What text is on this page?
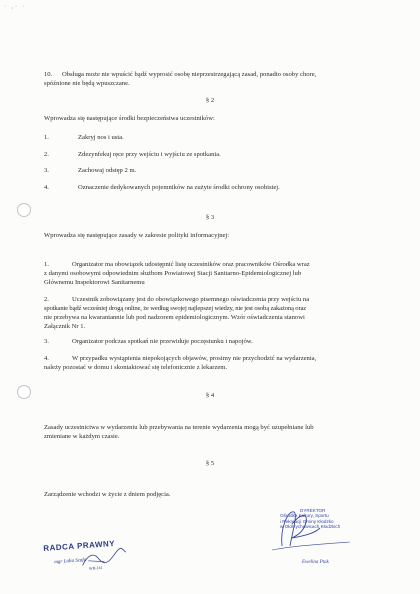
· ,· ·
10. Obsługa może nie wpuścić bądź wyprosić osobę nieprzestrzegającą zasad, ponadto osoby chore,
spóźnione nie będą wpuszczane.
§ 2
Wprowadza się następujące środki bezpieczeństwa uczestników:
1.	Zakryj nos i usta.
2.	Zdezynfekuj ręce przy wejściu i wyjściu ze spotkania.
3.	Zachowaj odstęp 2 m.
4.	Oznaczenie dedykowanych pojemników na zużyte środki ochrony osobistej.
§ 3
Wprowadza się następujące zasady w zakresie polityki informacyjnej:
1.	Organizator ma obowiązek udostępnić listę uczestników oraz pracowników Ośrodka wraz
z danymi osobowymi odpowiednim służbom Powiatowej Stacji Sanitarno-Epidemiologicznej lub
Głównemu Inspektorowi Sanitarnemu
2.	Uczestnik zobowiązany jest do obowiązkowego pisemnego oświadczenia przy wejściu na
spotkanie bądź wcześniej drogą online, że według swojej najlepszej wiedzy, nie jest osobą zakażoną oraz
nie przebywa na kwarantannie lub pod nadzorem epidemiologicznym. Wzór oświadczenia stanowi
Załącznik Nr 1.
3.	Organizator podczas spotkań nie przewiduje poczęstunku i napojów.
4.	W przypadku wystąpienia niepokojących objawów, prosimy nie przychodzić na wydarzenia,
należy pozostać w domu i skontaktować się telefonicznie z lekarzem.
§ 4
Zasady uczestnictwa w wydarzeniu lub przebywania na terenie wydarzenia mogą być uzupełniane lub
zmieniane w każdym czasie.
§ 5
Zarządzenie wchodzi w życie z dniem podjęcia.
RADCA PRAWNY
mgr Lidia Szafa
WR-141
DYREKTOR
Ośrodka Kultury, Sportu
i Rekreacji Gminy Kłodzko
w Ołdrzychowicach Kłodzkich
Ewelina Ptak
